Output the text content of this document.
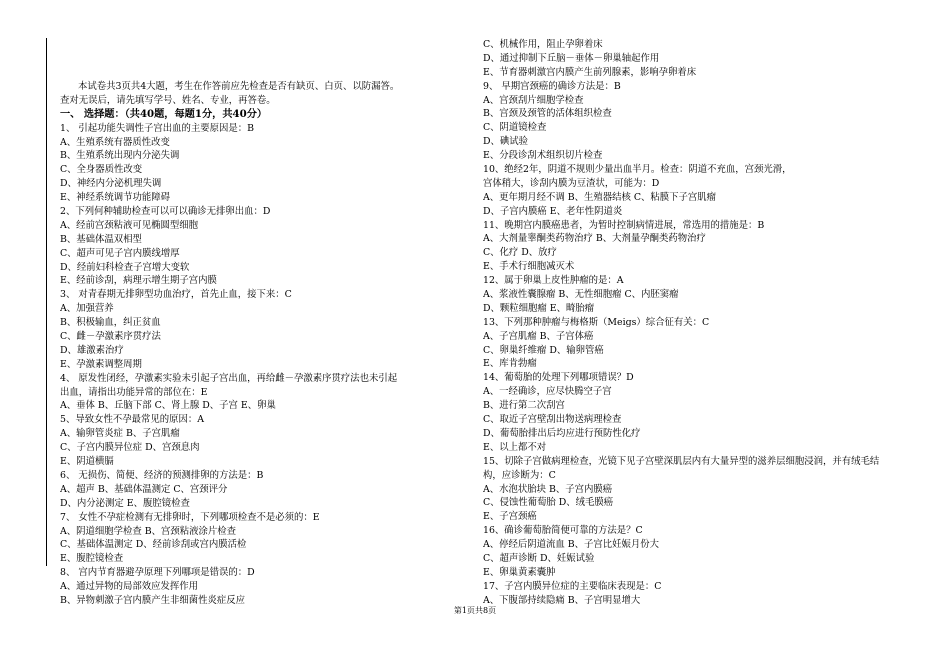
本试卷共3页共4大题，考生在作答前应先检查是否有缺页、白页、以防漏答。
查对无误后，请先填写学号、姓名、专业，再答卷。
一、 选择题：（共40题，每题1分，共40分）
1、 引起功能失调性子宫出血的主要原因是：B
A、生殖系统有器质性改变
B、生殖系统出现内分泌失调
C、全身器质性改变
D、神经内分泌机理失调
E、神经系统调节功能障碍
2、下列何种辅助检查可以可以确诊无排卵出血：D
A、经前宫颈粘液可见椭圆型细胞
B、基础体温双相型
C、超声可见子宫内膜线增厚
D、经前妇科检查子宫增大变软
E、经前诊刮，病理示增生期子宫内膜
3、 对青春期无排卵型功血治疗，首先止血，接下来：C
A、加强营养
B、积极输血，纠正贫血
C、雌－孕激素序贯疗法
D、雄激素治疗
E、孕激素调整周期
4、 原发性闭经，孕激素实验未引起子宫出血，再给雌－孕激素序贯疗法也未引起
出血，请指出功能异常的部位在：E
A、垂体 B、丘脑下部 C、肾上腺 D、子宫 E、卵巢
5、导致女性不孕最常见的原因：A
A、输卵管炎症 B、子宫肌瘤
C、子宫内膜异位症 D、宫颈息肉
E、阴道横膈
6、 无损伤、简便、经济的预测排卵的方法是：B
A、超声 B、基础体温测定 C、宫颈评分
D、内分泌测定 E、腹腔镜检查
7、 女性不孕症检测有无排卵时，下列哪项检查不是必须的：E
A、阴道细胞学检查 B、宫颈粘液涂片检查
C、基础体温测定 D、经前诊刮或宫内膜活检
E、腹腔镜检查
8、 宫内节育器避孕原理下列哪项是错误的：D
A、通过异物的局部效应发挥作用
B、异物刺激子宫内膜产生非细菌性炎症反应
C、机械作用，阻止孕卵着床
D、通过抑制下丘脑－垂体－卵巢轴起作用
E、节育器刺激宫内膜产生前列腺素，影响孕卵着床
9、 早期宫颈癌的确诊方法是：B
A、宫颈刮片细胞学检查
B、宫颈及颈管的活体组织检查
C、阴道镜检查
D、碘试验
E、分段诊刮术组织切片检查
10、绝经2年，阴道不规则少量出血半月。检查：阴道不充血，宫颈光滑，
宫体稍大，诊刮内膜为豆渣状，可能为：D
A、更年期月经不调 B、生殖器结核 C、粘膜下子宫肌瘤
D、子宫内膜癌 E、老年性阴道炎
11、晚期宫内膜癌患者，为暂时控制病情进展，常选用的措施是：B
A、大剂量睾酮类药物治疗 B、大剂量孕酮类药物治疗
C、化疗 D、放疗
E、手术行细胞减灭术
12、属于卵巢上皮性肿瘤的是：A
A、浆液性囊腺瘤 B、无性细胞瘤 C、内胚窦瘤
D、颗粒细胞瘤 E、畸胎瘤
13、下列那种肿瘤与梅格斯（Meigs）综合征有关：C
A、子宫肌瘤 B、子宫体癌
C、卵巢纤维瘤 D、输卵管癌
E、库肯勃瘤
14、葡萄胎的处理下列哪项错误？D
A、一经确诊，应尽快腾空子宫
B、进行第二次刮宫
C、取近子宫壁刮出物送病理检查
D、葡萄胎排出后均应进行预防性化疗
E、以上都不对
15、切除子宫做病理检查，光镜下见子宫壁深肌层内有大量异型的滋养层细胞浸润，并有绒毛结
构，应诊断为：C
A、水泡状胎块 B、子宫内膜癌
C、侵蚀性葡萄胎 D、绒毛膜癌
E、子宫颈癌
16、确诊葡萄胎简便可靠的方法是？C
A、停经后阴道流血 B、子宫比妊娠月份大
C、超声诊断 D、妊娠试验
E、卵巢黄素囊肿
17、子宫内膜异位症的主要临床表现是：C
A、下腹部持续隐痛 B、子宫明显增大
第1页共8页
